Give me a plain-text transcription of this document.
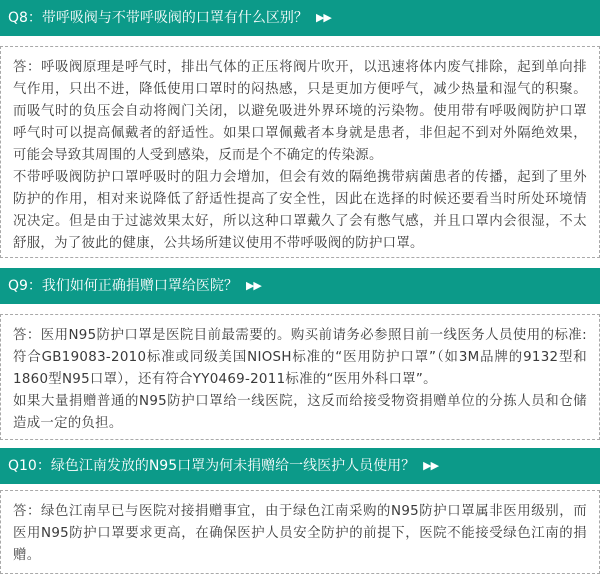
Q8：带呼吸阀与不带呼吸阀的口罩有什么区别？ ▶▶

答：呼吸阀原理是呼气时，排出气体的正压将阀片吹开，以迅速将体内废气排除，起到单向排气作用，只出不进，降低使用口罩时的闷热感，只是更加方便呼气，减少热量和湿气的积聚。而吸气时的负压会自动将阀门关闭，以避免吸进外界环境的污染物。使用带有呼吸阀防护口罩呼气时可以提高佩戴者的舒适性。如果口罩佩戴者本身就是患者，非但起不到对外隔绝效果，可能会导致其周围的人受到感染，反而是个不确定的传染源。

不带呼吸阀防护口罩呼吸时的阻力会增加，但会有效的隔绝携带病菌患者的传播，起到了里外防护的作用，相对来说降低了舒适性提高了安全性，因此在选择的时候还要看当时所处环境情况决定。但是由于过滤效果太好，所以这种口罩戴久了会有憋气感，并且口罩内会很湿，不太舒服，为了彼此的健康，公共场所建议使用不带呼吸阀的防护口罩。

Q9：我们如何正确捐赠口罩给医院？ ▶▶

答：医用N95防护口罩是医院目前最需要的。购买前请务必参照目前一线医务人员使用的标准: 符合GB19083-2010标准或同级美国NIOSH标准的“医用防护口罩”（如3M品牌的9132型和1860型N95口罩），还有符合YY0469-2011标准的“医用外科口罩”。

如果大量捐赠普通的N95防护口罩给一线医院，这反而给接受物资捐赠单位的分拣人员和仓储造成一定的负担。

Q10：绿色江南发放的N95口罩为何未捐赠给一线医护人员使用？ ▶▶

答：绿色江南早已与医院对接捐赠事宜，由于绿色江南采购的N95防护口罩属非医用级别，而医用N95防护口罩要求更高，在确保医护人员安全防护的前提下，医院不能接受绿色江南的捐赠。
